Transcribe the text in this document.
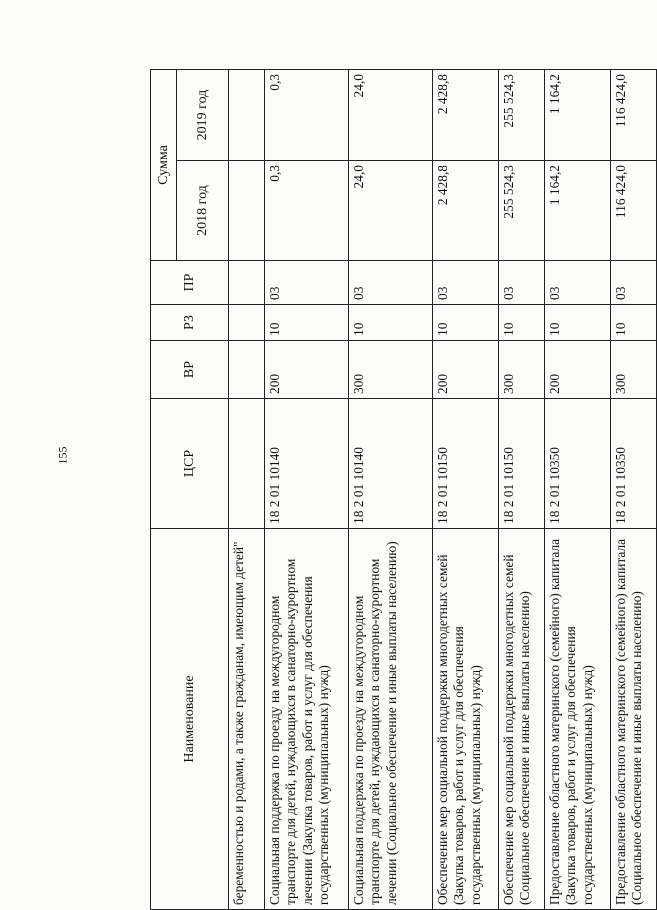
155
Наименование	ЦСР	ВР	РЗ	ПР	Сумма	
					2018 год	2019 год
беременностью и родами, а также гражданам, имеющим детей"						
Социальная поддержка по проезду на междугородном транспорте для детей, нуждающихся в санаторно-курортном лечении (Закупка товаров, работ и услуг для обеспечения государственных (муниципальных) нужд)	18 2 01 10140	200	10	03	0,3	0,3
Социальная поддержка по проезду на междугородном транспорте для детей, нуждающихся в санаторно-курортном лечении (Социальное обеспечение и иные выплаты населению)	18 2 01 10140	300	10	03	24,0	24,0
Обеспечение мер социальной поддержки многодетных семей (Закупка товаров, работ и услуг для обеспечения государственных (муниципальных) нужд)	18 2 01 10150	200	10	03	2 428,8	2 428,8
Обеспечение мер социальной поддержки многодетных семей (Социальное обеспечение и иные выплаты населению)	18 2 01 10150	300	10	03	255 524,3	255 524,3
Предоставление областного материнского (семейного) капитала (Закупка товаров, работ и услуг для обеспечения государственных (муниципальных) нужд)	18 2 01 10350	200	10	03	1 164,2	1 164,2
Предоставление областного материнского (семейного) капитала (Социальное обеспечение и иные выплаты населению)	18 2 01 10350	300	10	03	116 424,0	116 424,0
